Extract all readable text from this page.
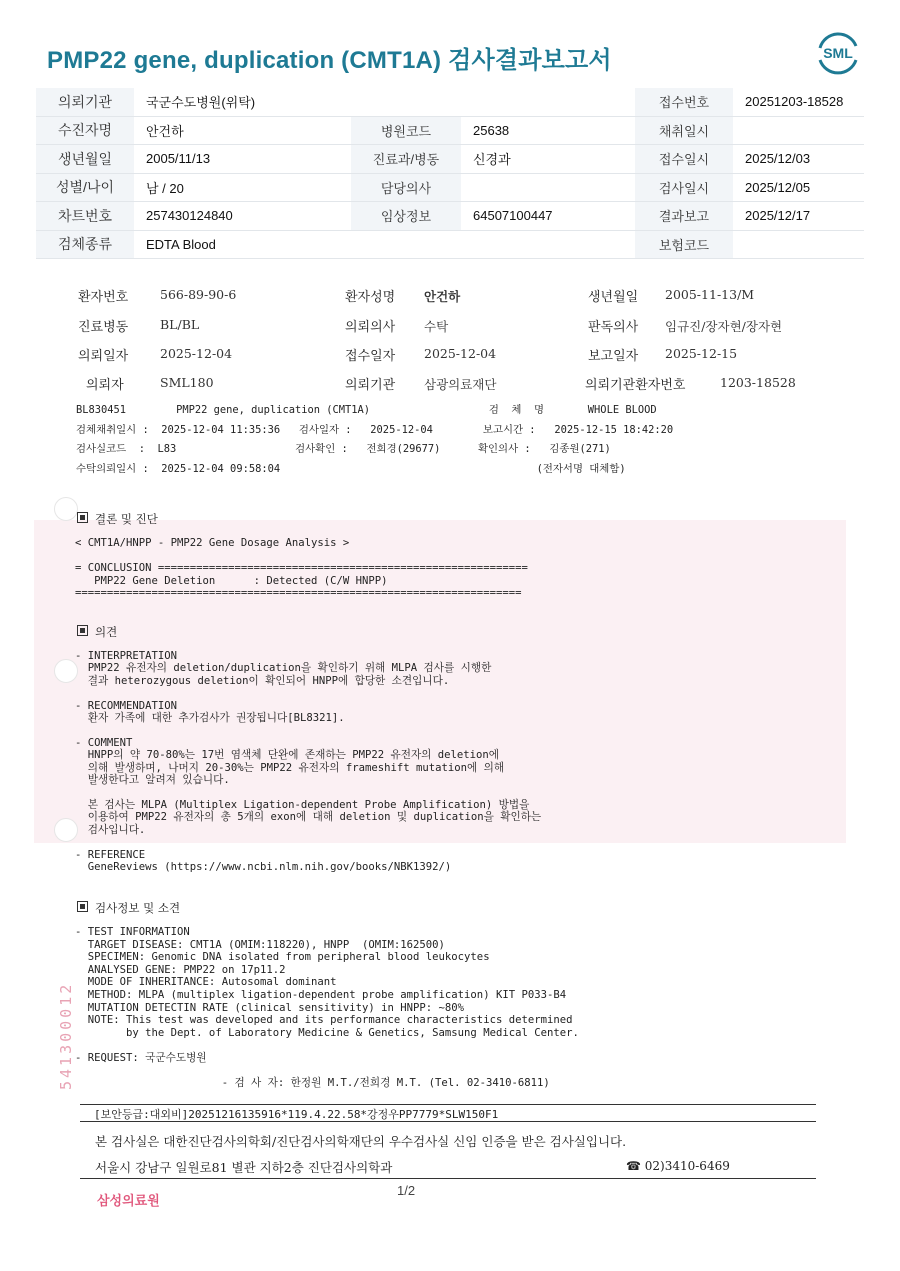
PMP22 gene, duplication (CMT1A) 검사결과보고서	SML
의뢰기관	국군수도병원(위탁)			접수번호	20251203-18528
수진자명	안건하	병원코드	25638	채취일시	
생년월일	2005/11/13	진료과/병동	신경과	접수일시	2025/12/03
성별/나이	남 / 20	담당의사		검사일시	2025/12/05
차트번호	257430124840	임상정보	64507100447	결과보고	2025/12/17
검체종류	EDTA Blood			보험코드	
환자번호	566-89-90-6	환자성명 안건하	생년월일 2005-11-13/M
진료병동	BL/BL	의뢰의사 수탁	판독의사 임규진/장자현/장자현
의뢰일자	2025-12-04	접수일자 2025-12-04	보고일자 2025-12-15
의뢰자	SML180	의뢰기관 삼광의료재단	의뢰기관환자번호	1203-18528
BL830451        PMP22 gene, duplication (CMT1A)                   검  체  명       WHOLE BLOOD
검체채취일시 :  2025-12-04 11:35:36   검사일자 :   2025-12-04        보고시간 :   2025-12-15 18:42:20
검사실코드  :  L83                   검사확인 :   전희경(29677)      확인의사 :   김종원(271)
수탁의뢰일시 :  2025-12-04 09:58:04                                         (전자서명 대체함)
결론 및 진단
< CMT1A/HNPP - PMP22 Gene Dosage Analysis >

= CONCLUSION ==========================================================
PMP22 Gene Deletion      : Detected (C/W HNPP)
======================================================================
의견
- INTERPRETATION
PMP22 유전자의 deletion/duplication을 확인하기 위해 MLPA 검사를 시행한
결과 heterozygous deletion이 확인되어 HNPP에 합당한 소견입니다.

- RECOMMENDATION
환자 가족에 대한 추가검사가 권장됩니다[BL8321].

- COMMENT
HNPP의 약 70-80%는 17번 염색체 단완에 존재하는 PMP22 유전자의 deletion에
의해 발생하며, 나머지 20-30%는 PMP22 유전자의 frameshift mutation에 의해
발생한다고 알려져 있습니다.

본 검사는 MLPA (Multiplex Ligation-dependent Probe Amplification) 방법을
이용하여 PMP22 유전자의 총 5개의 exon에 대해 deletion 및 duplication을 확인하는
검사입니다.

- REFERENCE
GeneReviews (https://www.ncbi.nlm.nih.gov/books/NBK1392/)
검사정보 및 소견
- TEST INFORMATION
TARGET DISEASE: CMT1A (OMIM:118220), HNPP  (OMIM:162500)
SPECIMEN: Genomic DNA isolated from peripheral blood leukocytes
ANALYSED GENE: PMP22 on 17p11.2
MODE OF INHERITANCE: Autosomal dominant
METHOD: MLPA (multiplex ligation-dependent probe amplification) KIT P033-B4
MUTATION DETECTIN RATE (clinical sensitivity) in HNPP: ~80%
NOTE: This test was developed and its performance characteristics determined
by the Dept. of Laboratory Medicine & Genetics, Samsung Medical Center.

- REQUEST: 국군수도병원

- 검 사 자: 한정원 M.T./전희경 M.T. (Tel. 02-3410-6811)
541300012
[보안등급:대외비]20251216135916*119.4.22.58*강정우PP7779*SLW150F1
본 검사실은 대한진단검사의학회/진단검사의학재단의 우수검사실 신임 인증을 받은 검사실입니다.
서울시 강남구 일원로81 별관 지하2층 진단검사의학과	☎ 02)3410-6469
삼성의료원
1/2
